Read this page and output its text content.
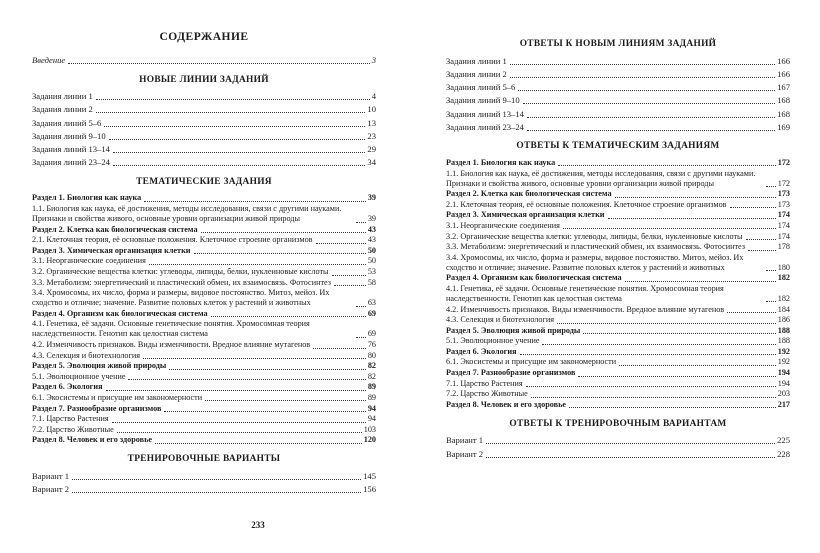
СОДЕРЖАНИЕ
Введение	3
НОВЫЕ ЛИНИИ ЗАДАНИЙ
Задания линии 1	4
Задания линии 2	10
Задания линий 5–6	13
Задания линий 9–10	23
Задания линий 13–14	29
Задания линий 23–24	34
ТЕМАТИЧЕСКИЕ ЗАДАНИЯ
Раздел 1. Биология как наука	39
1.1. Биология как наука, её достижения, методы исследования, связи с другими науками. Признаки и свойства живого, основные уровни организации живой природы	39
Раздел 2. Клетка как биологическая система	43
2.1. Клеточная теория, её основные положения. Клеточное строение организмов	43
Раздел 3. Химическая организация клетки	50
3.1. Неорганические соединения	50
3.2. Органические вещества клетки: углеводы, липиды, белки, нуклеиновые кислоты	53
3.3. Метаболизм: энергетический и пластический обмен, их взаимосвязь. Фотосинтез	58
3.4. Хромосомы, их число, форма и размеры, видовое постоянство. Митоз, мейоз. Их сходство и отличие; значение. Развитие половых клеток у растений и животных	63
Раздел 4. Организм как биологическая система	69
4.1. Генетика, её задачи. Основные генетические понятия. Хромосомная теория наследственности. Генотип как целостная система	69
4.2. Изменчивость признаков. Виды изменчивости. Вредное влияние мутагенов	76
4.3. Селекция и биотехнология	80
Раздел 5. Эволюция живой природы	82
5.1. Эволюционное учение	82
Раздел 6. Экология	89
6.1. Экосистемы и присущие им закономерности	89
Раздел 7. Разнообразие организмов	94
7.1. Царство Растения	94
7.2. Царство Животные	103
Раздел 8. Человек и его здоровье	120
ТРЕНИРОВОЧНЫЕ ВАРИАНТЫ
Вариант 1	145
Вариант 2	156
ОТВЕТЫ К НОВЫМ ЛИНИЯМ ЗАДАНИЙ
Задания линии 1	166
Задания линии 2	166
Задания линий 5–6	167
Задания линий 9–10	168
Задания линий 13–14	168
Задания линий 23–24	169
ОТВЕТЫ К ТЕМАТИЧЕСКИМ ЗАДАНИЯМ
Раздел 1. Биология как наука	172
1.1. Биология как наука, её достижения, методы исследования, связи с другими науками. Признаки и свойства живого, основные уровни организации живой природы	172
Раздел 2. Клетка как биологическая система	173
2.1. Клеточная теория, её основные положения. Клеточное строение организмов	173
Раздел 3. Химическая организация клетки	174
3.1. Неорганические соединения	174
3.2. Органические вещества клетки: углеводы, липиды, белки, нуклеиновые кислоты	174
3.3. Метаболизм: энергетический и пластический обмен, их взаимосвязь. Фотосинтез	178
3.4. Хромосомы, их число, форма и размеры, видовое постоянство. Митоз, мейоз. Их сходство и отличие; значение. Развитие половых клеток у растений и животных	180
Раздел 4. Организм как биологическая система	182
4.1. Генетика, её задачи. Основные генетические понятия. Хромосомная теория наследственности. Генотип как целостная система	182
4.2. Изменчивость признаков. Виды изменчивости. Вредное влияние мутагенов	184
4.3. Селекция и биотехнология	186
Раздел 5. Эволюция живой природы	188
5.1. Эволюционное учение	188
Раздел 6. Экология	192
6.1. Экосистемы и присущие им закономерности	192
Раздел 7. Разнообразие организмов	194
7.1. Царство Растения	194
7.2. Царство Животные	203
Раздел 8. Человек и его здоровье	217
ОТВЕТЫ К ТРЕНИРОВОЧНЫМ ВАРИАНТАМ
Вариант 1	225
Вариант 2	228
233
